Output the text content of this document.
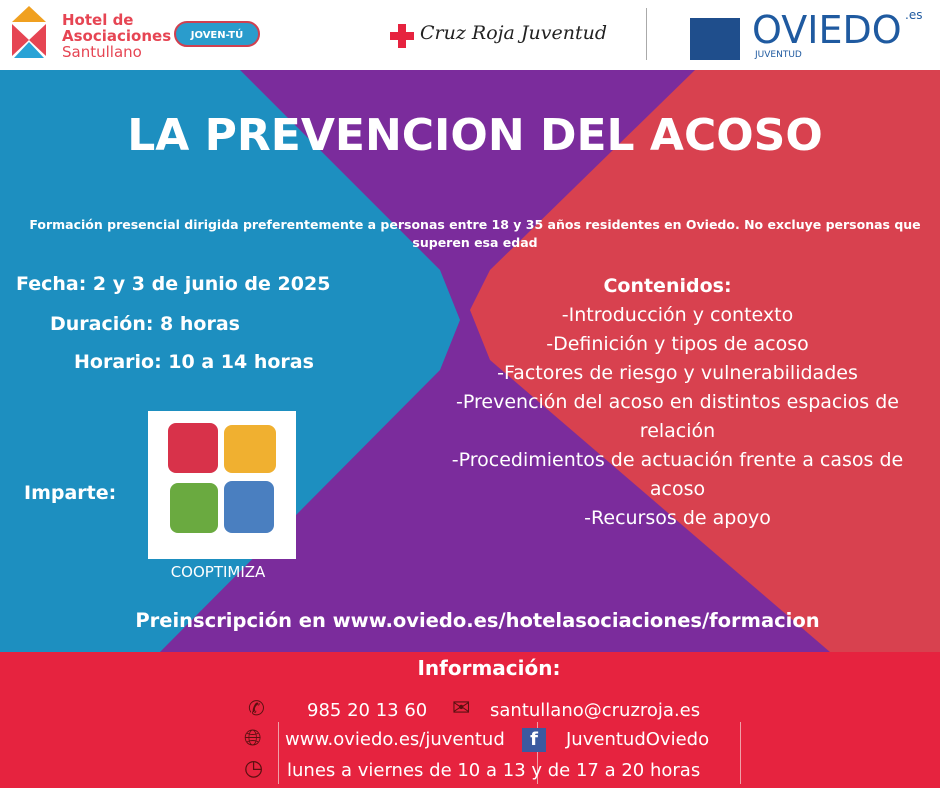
Hotel de
Asociaciones
Santullano
JOVEN-TÚ	Cruz Roja Juventud	OVIEDO .es
JUVENTUD
LA PREVENCION DEL ACOSO
Formación presencial dirigida preferentemente a personas entre 18 y 35 años residentes en Oviedo. No excluye personas que superen esa edad
Fecha: 2 y 3 de junio de 2025
Duración: 8 horas
Horario: 10 a 14 horas
Imparte:
COOPTIMIZA
Contenidos:
-Introducción y contexto
-Definición y tipos de acoso
-Factores de riesgo y vulnerabilidades
-Prevención del acoso en distintos espacios de relación
-Procedimientos de actuación frente a casos de acoso
-Recursos de apoyo
Preinscripción en www.oviedo.es/hotelasociaciones/formacion
Información:
✆ 985 20 13 60 ✉ santullano@cruzroja.es
🌐︎ www.oviedo.es/juventud	f	JuventudOviedo
◷ lunes a viernes de 10 a 13 y de 17 a 20 horas
